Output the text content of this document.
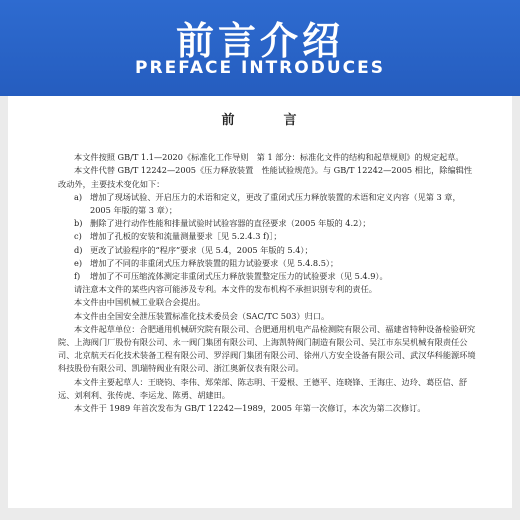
前言介绍
PREFACE INTRODUCES
前　言

本文件按照 GB/T 1.1—2020《标准化工作导则　第 1 部分：标准化文件的结构和起草规则》的规定起草。

本文件代替 GB/T 12242—2005《压力释放装置　性能试验规范》。与 GB/T 12242—2005 相比，除编辑性改动外，主要技术变化如下：

a) 增加了现场试验、开启压力的术语和定义，更改了重闭式压力释放装置的术语和定义内容（见第 3 章，2005 年版的第 3 章）；

b) 删除了进行动作性能和排量试验时试验容器的直径要求（2005 年版的 4.2）；

c) 增加了孔板的安装和流量测量要求［见 5.2.4.3 f)］；

d) 更改了试验程序的“程序”要求（见 5.4，2005 年版的 5.4）；

e) 增加了不同的非重闭式压力释放装置的阻力试验要求（见 5.4.8.5）；

f) 增加了不可压缩流体测定非重闭式压力释放装置整定压力的试验要求（见 5.4.9）。

请注意本文件的某些内容可能涉及专利。本文件的发布机构不承担识别专利的责任。

本文件由中国机械工业联合会提出。

本文件由全国安全泄压装置标准化技术委员会（SAC/TC 503）归口。

本文件起草单位：合肥通用机械研究院有限公司、合肥通用机电产品检测院有限公司、福建省特种设备检验研究院、上海阀门厂股份有限公司、永一阀门集团有限公司、上海凯特阀门制造有限公司、吴江市东吴机械有限责任公司、北京航天石化技术装备工程有限公司、罗浮阀门集团有限公司、徐州八方安全设备有限公司、武汉华科能源环境科技股份有限公司、凯瑞特阀业有限公司、浙江奥新仪表有限公司。

本文件主要起草人：王晓钧、李伟、郑荣部、陈志明、干爱根、王德平、连晓锋、王海庄、边玲、葛臣信、舒远、刘利利、张传虎、李运龙、陈勇、胡建田。

本文件于 1989 年首次发布为 GB/T 12242—1989，2005 年第一次修订，本次为第二次修订。
